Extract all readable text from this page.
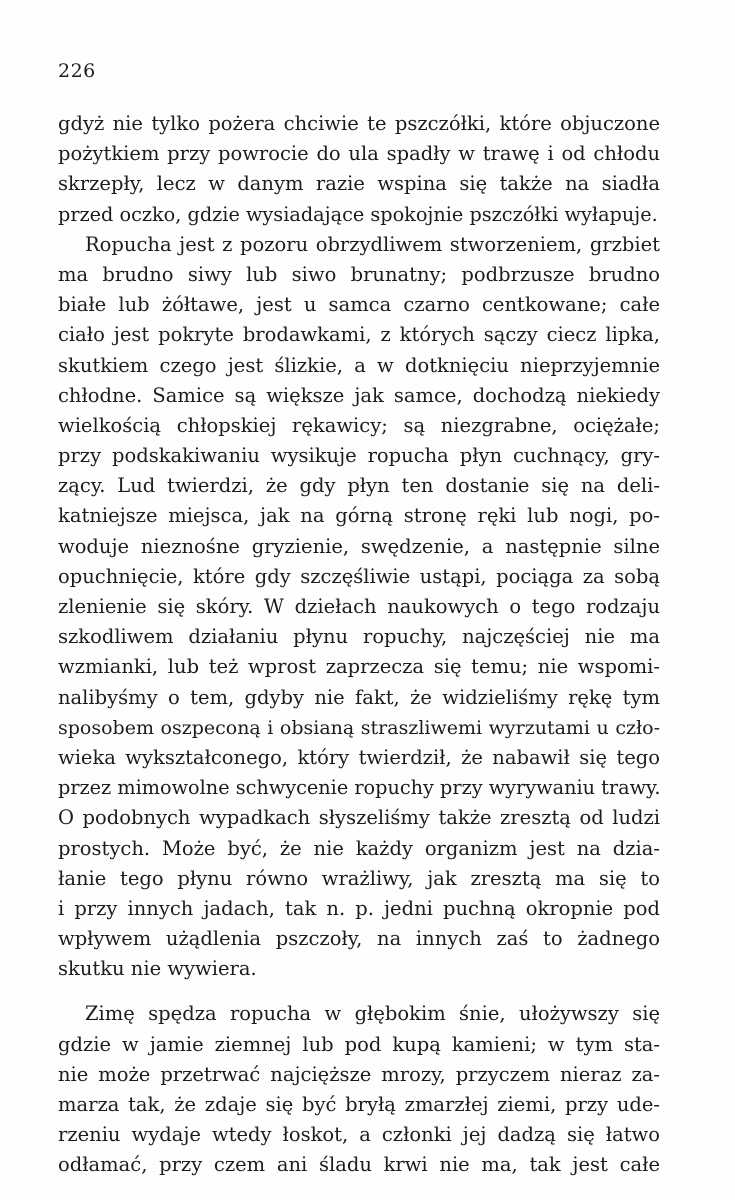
226
gdyż nie tylko pożera chciwie te pszczółki, które objuczone
pożytkiem przy powrocie do ula spadły w trawę i od chłodu
skrzepły, lecz w danym razie wspina się także na siadła
przed oczko, gdzie wysiadające spokojnie pszczółki wyłapuje.
Ropucha jest z pozoru obrzydliwem stworzeniem, grzbiet
ma brudno siwy lub siwo brunatny; podbrzusze brudno
białe lub żółtawe, jest u samca czarno centkowane; całe
ciało jest pokryte brodawkami, z których sączy ciecz lipka,
skutkiem czego jest ślizkie, a w dotknięciu nieprzyjemnie
chłodne. Samice są większe jak samce, dochodzą niekiedy
wielkością chłopskiej rękawicy; są niezgrabne, ociężałe;
przy podskakiwaniu wysikuje ropucha płyn cuchnący, gry-
zący. Lud twierdzi, że gdy płyn ten dostanie się na deli-
katniejsze miejsca, jak na górną stronę ręki lub nogi, po-
woduje nieznośne gryzienie, swędzenie, a następnie silne
opuchnięcie, które gdy szczęśliwie ustąpi, pociąga za sobą
zlenienie się skóry. W dziełach naukowych o tego rodzaju
szkodliwem działaniu płynu ropuchy, najczęściej nie ma
wzmianki, lub też wprost zaprzecza się temu; nie wspomi-
nalibyśmy o tem, gdyby nie fakt, że widzieliśmy rękę tym
sposobem oszpeconą i obsianą straszliwemi wyrzutami u czło-
wieka wykształconego, który twierdził, że nabawił się tego
przez mimowolne schwycenie ropuchy przy wyrywaniu trawy.
O podobnych wypadkach słyszeliśmy także zresztą od ludzi
prostych. Może być, że nie każdy organizm jest na dzia-
łanie tego płynu równo wrażliwy, jak zresztą ma się to
i przy innych jadach, tak n. p. jedni puchną okropnie pod
wpływem użądlenia pszczoły, na innych zaś to żadnego
skutku nie wywiera.
Zimę spędza ropucha w głębokim śnie, ułożywszy się
gdzie w jamie ziemnej lub pod kupą kamieni; w tym sta-
nie może przetrwać najcięższe mrozy, przyczem nieraz za-
marza tak, że zdaje się być bryłą zmarzłej ziemi, przy ude-
rzeniu wydaje wtedy łoskot, a członki jej dadzą się łatwo
odłamać, przy czem ani śladu krwi nie ma, tak jest całe
